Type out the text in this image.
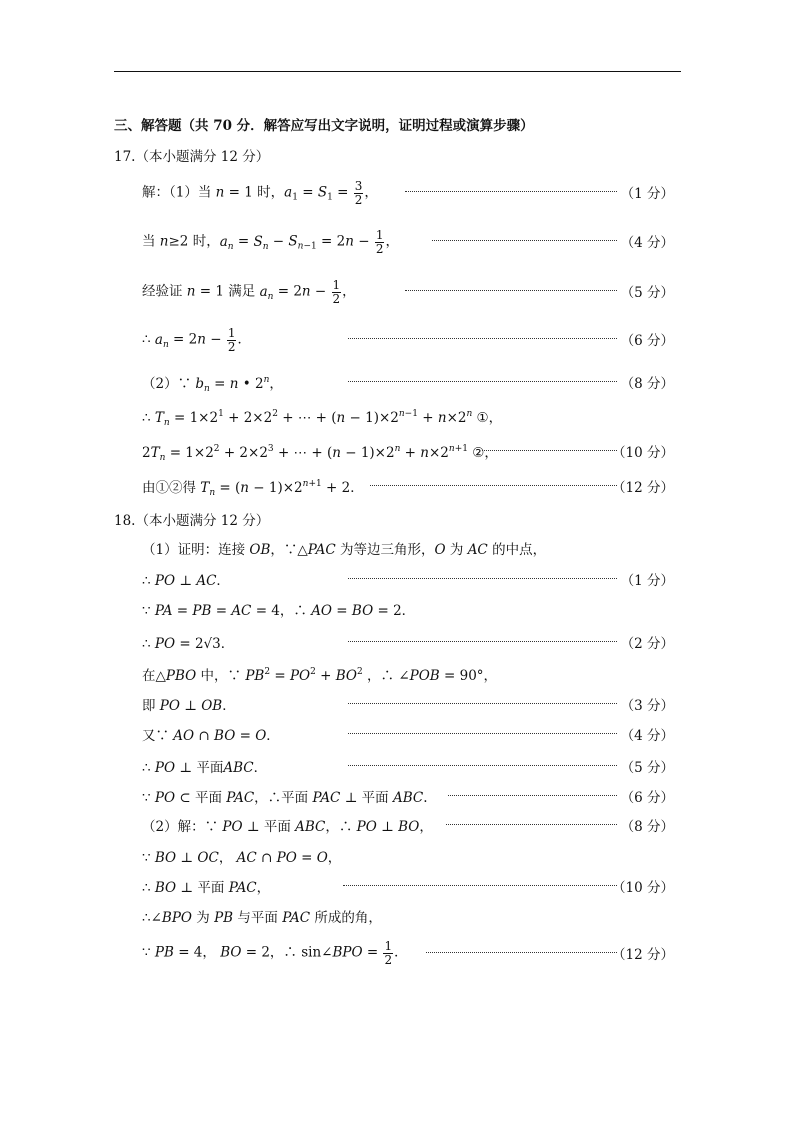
三、解答题（共 70 分．解答应写出文字说明，证明过程或演算步骤）
17.（本小题满分 12 分）
解：（1）当 n = 1 时，$a_1 = S_1 = \frac{3}{2}$ ，	（1 分）
当 n≥2 时，$a_n = S_n - S_{n-1} = 2n - \frac{1}{2}$ ，	（4 分）
经验证 n = 1 满足 $a_n = 2n - \frac{1}{2}$ ，	（5 分）
∴ $a_n = 2n - \frac{1}{2}$ ．	（6 分）
（2）∵ $b_n = n$ • 2$^n$，	（8 分）
∴ $T_n = 1\times 2^1 + 2\times 2^2$ + ⋯ + $(n - 1)\times 2^{n-1} + n\times 2^n$ ①，
$2T_n = 1\times 2^2 + 2\times 2^3$ + ⋯ + $(n - 1)\times 2^n + n\times 2^{n+1}$ ②，	（10 分）
由①②得 $T_n = (n - 1)\times 2^{n+1} + 2$．	（12 分）
18.（本小题满分 12 分）
（1）证明：连接 OB，∵△PAC 为等边三角形，O 为 AC 的中点，
∴ PO ⊥ AC．	（1 分）
∵ PA = PB = AC = 4，∴ AO = BO = 2．
∴ PO = 2√3．	（2 分）
在△PBO 中，∵ $PB^2 = PO^2 + BO^2$ ，∴ ∠POB = 90°，
即 PO ⊥ OB．	（3 分）
又∵ AO ∩ BO = O．	（4 分）
∴ PO ⊥ 平面ABC．	（5 分）
∵ PO ⊂ 平面 PAC，∴平面 PAC ⊥ 平面 ABC.	（6 分）
（2）解：∵ PO ⊥ 平面 ABC，∴ PO ⊥ BO，	（8 分）
∵ BO ⊥ OC， AC ∩ PO = O，
∴ BO ⊥ 平面 PAC，	（10 分）
∴∠BPO 为 PB 与平面 PAC 所成的角，
∵ PB = 4， BO = 2，∴ sin∠BPO = $\frac{1}{2}$ ．	（12 分）
